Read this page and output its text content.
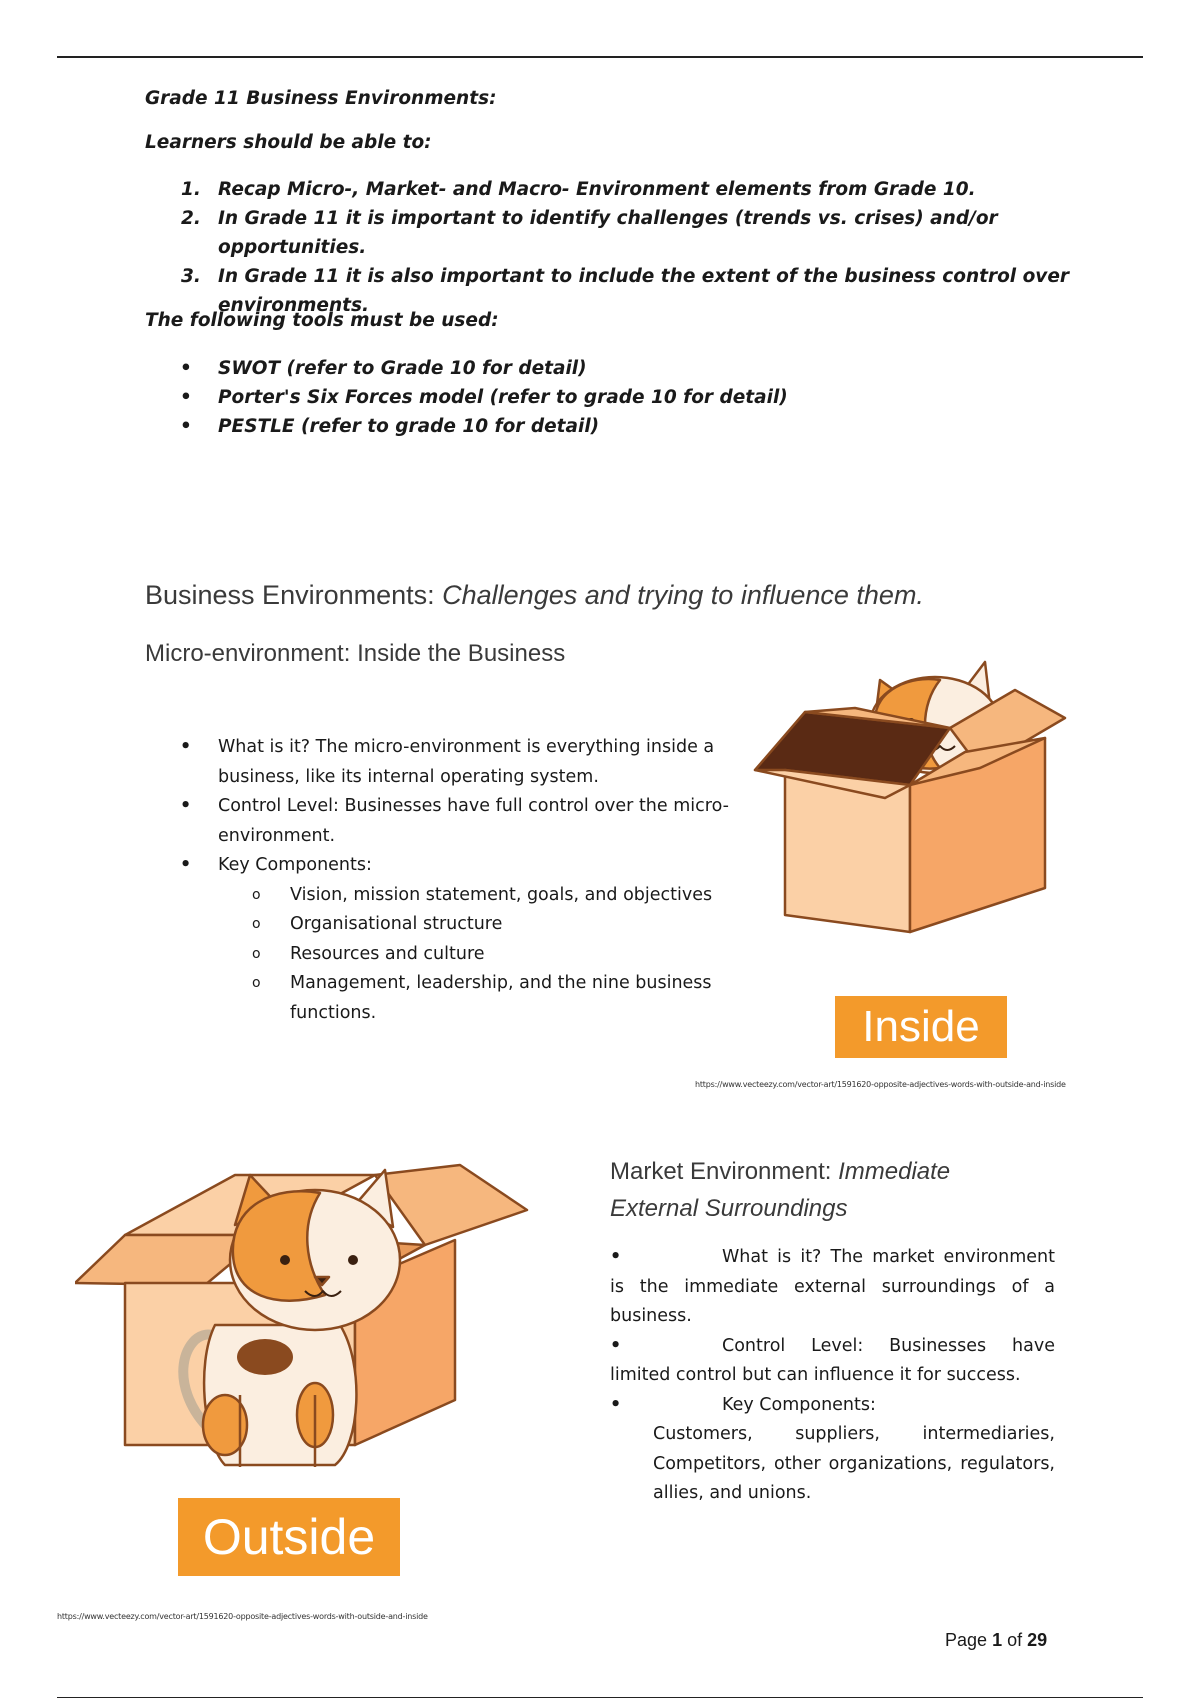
Grade 11 Business Environments:
Learners should be able to:
Recap Micro-, Market- and Macro- Environment elements from Grade 10.
In Grade 11 it is important to identify challenges (trends vs. crises) and/or opportunities.
In Grade 11 it is also important to include the extent of the business control over environments.
The following tools must be used:
• SWOT (refer to Grade 10 for detail)
• Porter's Six Forces model (refer to grade 10 for detail)
• PESTLE (refer to grade 10 for detail)
Business Environments: Challenges and trying to influence them.
Micro-environment: Inside the Business
• What is it? The micro-environment is everything inside a business, like its internal operating system.
• Control Level: Businesses have full control over the micro-environment.
• Key Components:
o Vision, mission statement, goals, and objectives
o Organisational structure
o Resources and culture
o Management, leadership, and the nine business functions.	Inside
https://www.vecteezy.com/vector-art/1591620-opposite-adjectives-words-with-outside-and-inside
Outside
https://www.vecteezy.com/vector-art/1591620-opposite-adjectives-words-with-outside-and-inside
Market Environment: Immediate External Surroundings

•	What is it? The market environment is the immediate external surroundings of a business.

•	Control Level: Businesses have limited control but can influence it for success.

•	Key Components:

Customers, suppliers, intermediaries, Competitors, other organizations, regulators, allies, and unions.

Page 1 of 29
